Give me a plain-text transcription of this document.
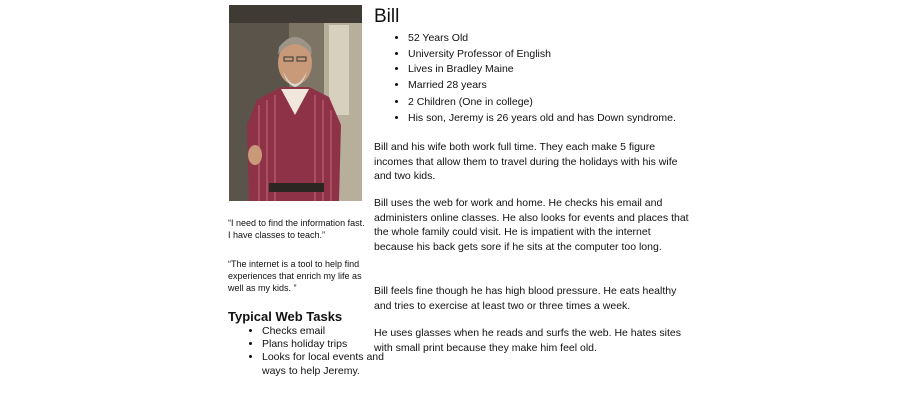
“I need to find the information fast. I have classes to teach.”
“The internet is a tool to help find experiences that enrich my life as well as my kids. ”
Typical Web Tasks
• Checks email
• Plans holiday trips
• Looks for local events and ways to help Jeremy.
Bill
• 52 Years Old
• University Professor of English
• Lives in Bradley Maine
• Married 28 years
• 2 Children (One in college)
• His son, Jeremy is 26 years old and has Down syndrome.

Bill and his wife both work full time. They each make 5 figure incomes that allow them to travel during the holidays with his wife and two kids.

Bill uses the web for work and home. He checks his email and administers online classes. He also looks for events and places that the whole family could visit. He is impatient with the internet because his back gets sore if he sits at the computer too long.

Bill feels fine though he has high blood pressure. He eats healthy and tries to exercise at least two or three times a week.

He uses glasses when he reads and surfs the web. He hates sites with small print because they make him feel old.
